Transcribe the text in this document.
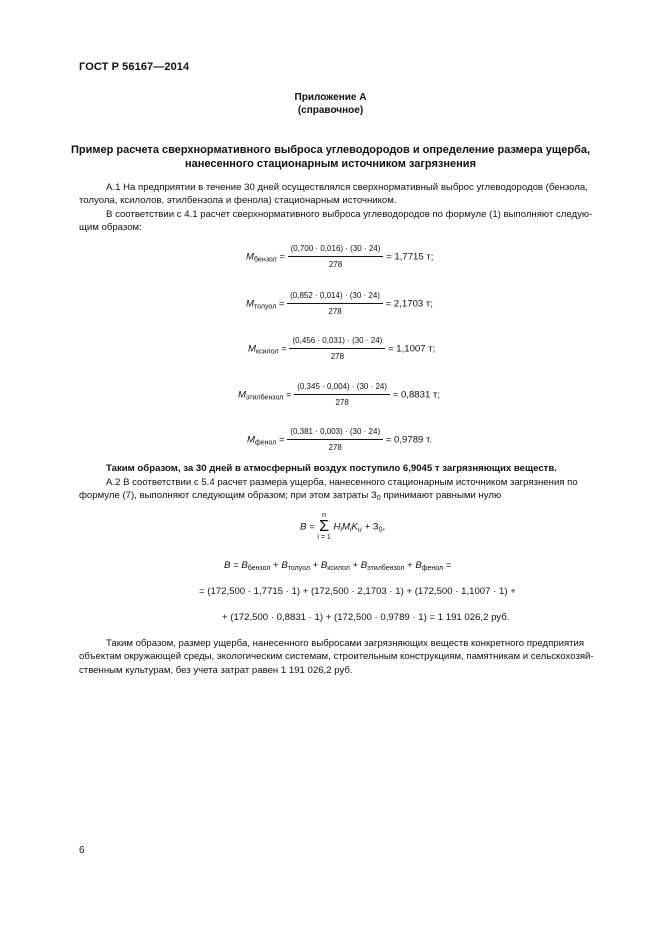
ГОСТ Р 56167—2014
Приложение А
(справочное)
Пример расчета сверхнормативного выброса углеводородов и определение размера ущерба,
нанесенного стационарным источником загрязнения

А.1 На предприятии в течение 30 дней осуществлялся сверхнормативный выброс углеводородов (бензола,

толуола, ксилолов, этилбензола и фенола) стационарным источником.

В соответствии с 4.1 расчет сверхнормативного выброса углеводородов по формуле (1) выполняют следую-

щим образом:

$M_{бензол} = \frac{(0,700 \cdot 0,016) \cdot (30 \cdot 24)}{278} = 1,7715$ т;
$M_{толуол} = \frac{(0,852 \cdot 0,014) \cdot (30 \cdot 24)}{278} = 2,1703$ т;
$M_{ксилол} = \frac{(0,456 \cdot 0,031) \cdot (30 \cdot 24)}{278} = 1,1007$ т;
$M_{этилбензол} = \frac{(0,345 \cdot 0,004) \cdot (30 \cdot 24)}{278} = 0,8831$ т;
$M_{фенол} = \frac{(0,381 \cdot 0,003) \cdot (30 \cdot 24)}{278} = 0,9789$ т.

Таким образом, за 30 дней в атмосферный воздух поступило 6,9045 т загрязняющих веществ.

А.2 В соответствии с 5.4 расчет размера ущерба, нанесенного стационарным источником загрязнения по

формуле (7), выполняют следующим образом; при этом затраты $З_0$ принимают равными нулю

B = n
Σ
i = 1 $H_iM_iK_и + З_0$,
$B = B_{бензол} + B_{толуол} + B_{ксилол} + B_{этилбензол} + B_{фенол}$ =
= (172,500 · 1,7715 · 1) + (172,500 · 2,1703 · 1) + (172,500 · 1,1007 · 1) +
+ (172,500 · 0,8831 · 1) + (172,500 · 0,9789 · 1) = 1 191 026,2 руб.

Таким образом, размер ущерба, нанесенного выбросами загрязняющих веществ конкретного предприятия

объектам окружающей среды, экологическим системам, строительным конструкциям, памятникам и сельскохозяй-

ственным культурам, без учета затрат равен 1 191 026,2 руб.

6
